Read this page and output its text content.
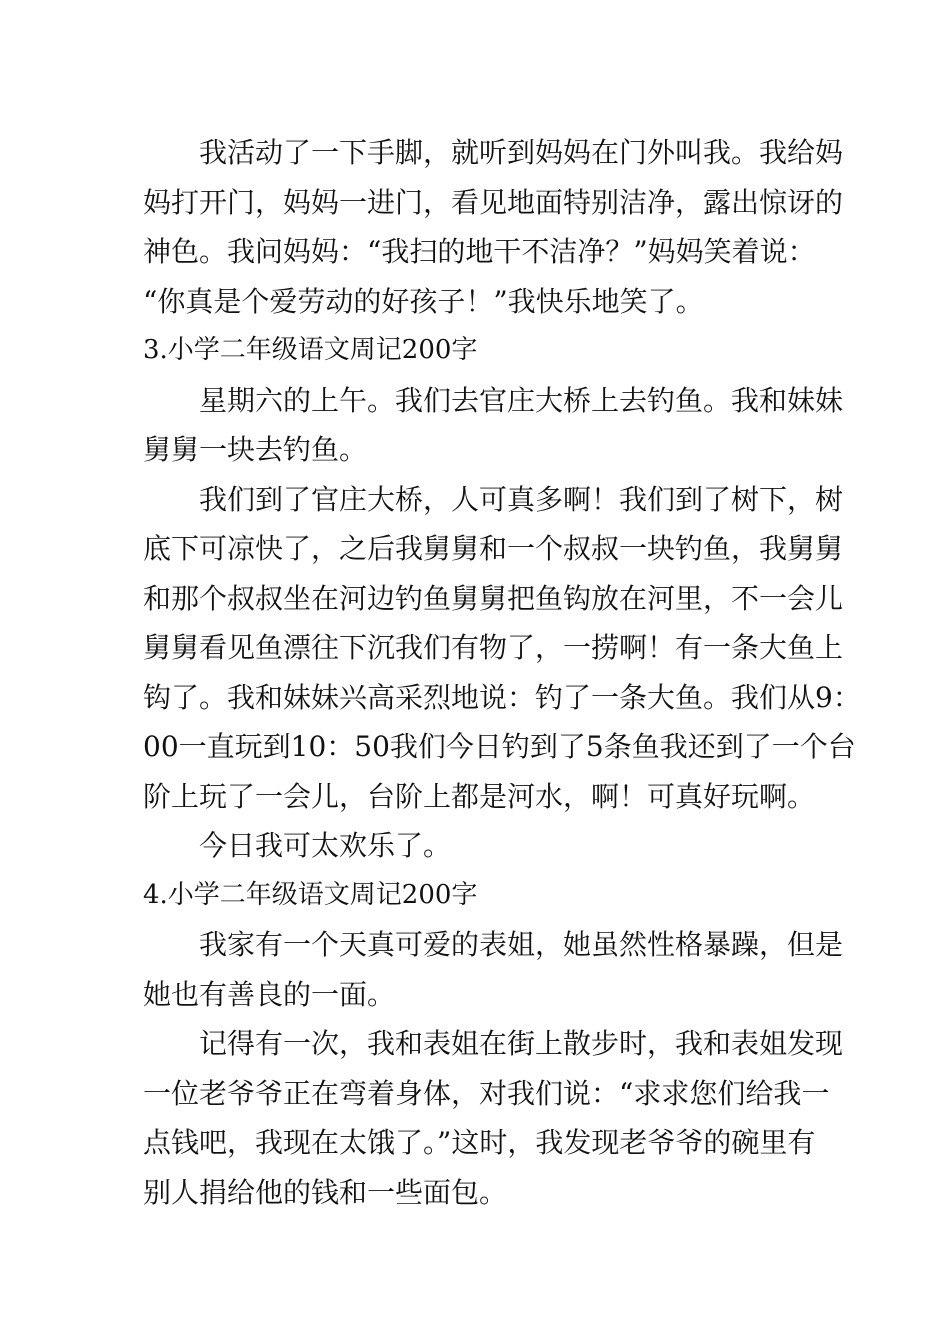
我活动了一下手脚，就听到妈妈在门外叫我。我给妈
妈打开门，妈妈一进门，看见地面特别洁净，露出惊讶的
神色。我问妈妈：“我扫的地干不洁净？”妈妈笑着说：
“你真是个爱劳动的好孩子！”我快乐地笑了。
3.小学二年级语文周记200字
星期六的上午。我们去官庄大桥上去钓鱼。我和妹妹
舅舅一块去钓鱼。
我们到了官庄大桥，人可真多啊！我们到了树下，树
底下可凉快了，之后我舅舅和一个叔叔一块钓鱼，我舅舅
和那个叔叔坐在河边钓鱼舅舅把鱼钩放在河里，不一会儿
舅舅看见鱼漂往下沉我们有物了，一捞啊！有一条大鱼上
钩了。我和妹妹兴高采烈地说：钓了一条大鱼。我们从9：
00一直玩到10：50我们今日钓到了5条鱼我还到了一个台
阶上玩了一会儿，台阶上都是河水，啊！可真好玩啊。
今日我可太欢乐了。
4.小学二年级语文周记200字
我家有一个天真可爱的表姐，她虽然性格暴躁，但是
她也有善良的一面。
记得有一次，我和表姐在街上散步时，我和表姐发现
一位老爷爷正在弯着身体，对我们说：“求求您们给我一
点钱吧，我现在太饿了。”这时，我发现老爷爷的碗里有
别人捐给他的钱和一些面包。
